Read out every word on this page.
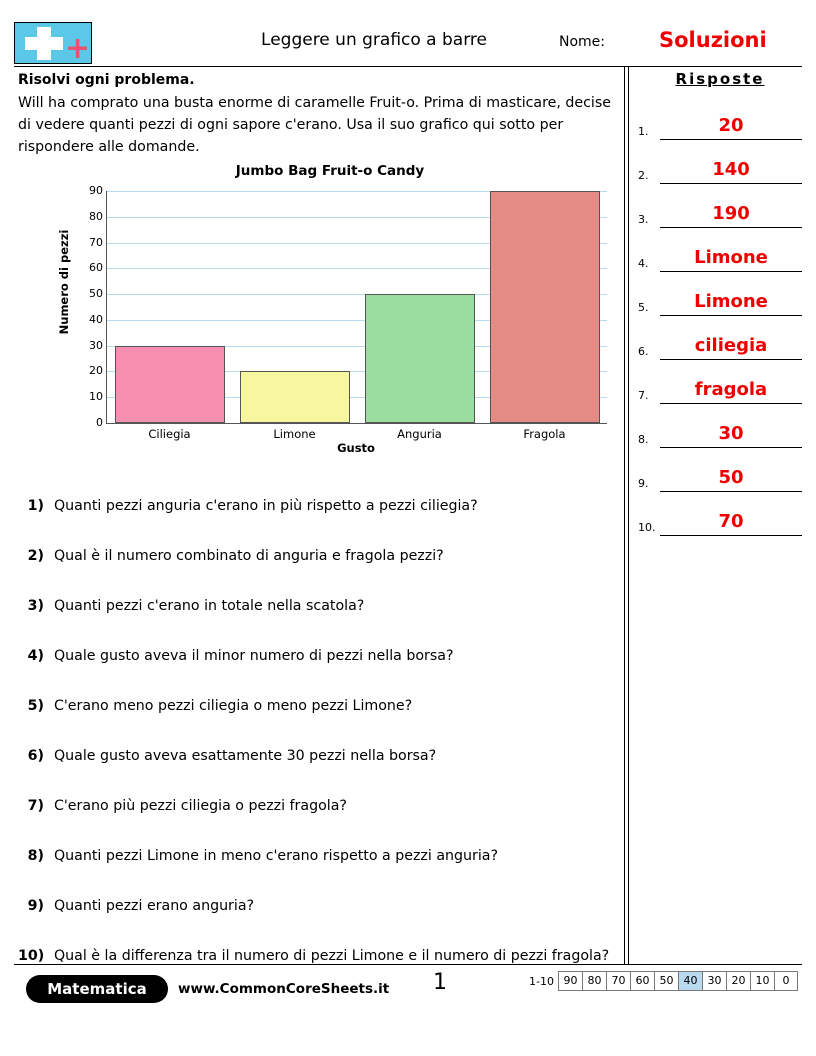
+	Leggere un grafico a barre	Nome:	Soluzioni
Risolvi ogni problema.
Will ha comprato una busta enorme di caramelle Fruit-o. Prima di masticare, decise di vedere quanti pezzi di ogni sapore c'erano. Usa il suo grafico qui sotto per rispondere alle domande.
Jumbo Bag Fruit-o Candy
Numero di pezzi
0
10
20
30
40
50
60
70
80
90
Ciliegia	Limone	Anguria	Fragola
Gusto
1) Quanti pezzi anguria c'erano in più rispetto a pezzi ciliegia?
2) Qual è il numero combinato di anguria e fragola pezzi?
3) Quanti pezzi c'erano in totale nella scatola?
4) Quale gusto aveva il minor numero di pezzi nella borsa?
5) C'erano meno pezzi ciliegia o meno pezzi Limone?
6) Quale gusto aveva esattamente 30 pezzi nella borsa?
7) C'erano più pezzi ciliegia o pezzi fragola?
8) Quanti pezzi Limone in meno c'erano rispetto a pezzi anguria?
9) Quanti pezzi erano anguria?
10) Qual è la differenza tra il numero di pezzi Limone e il numero di pezzi fragola?
Risposte
1.	20
2.	140
3.	190
4.	Limone
5.	Limone
6.	ciliegia
7.	fragola
8.	30
9.	50
10.	70
Matematica	www.CommonCoreSheets.it	1	1-10 90 80 70 60 50 40 30 20 10	0
